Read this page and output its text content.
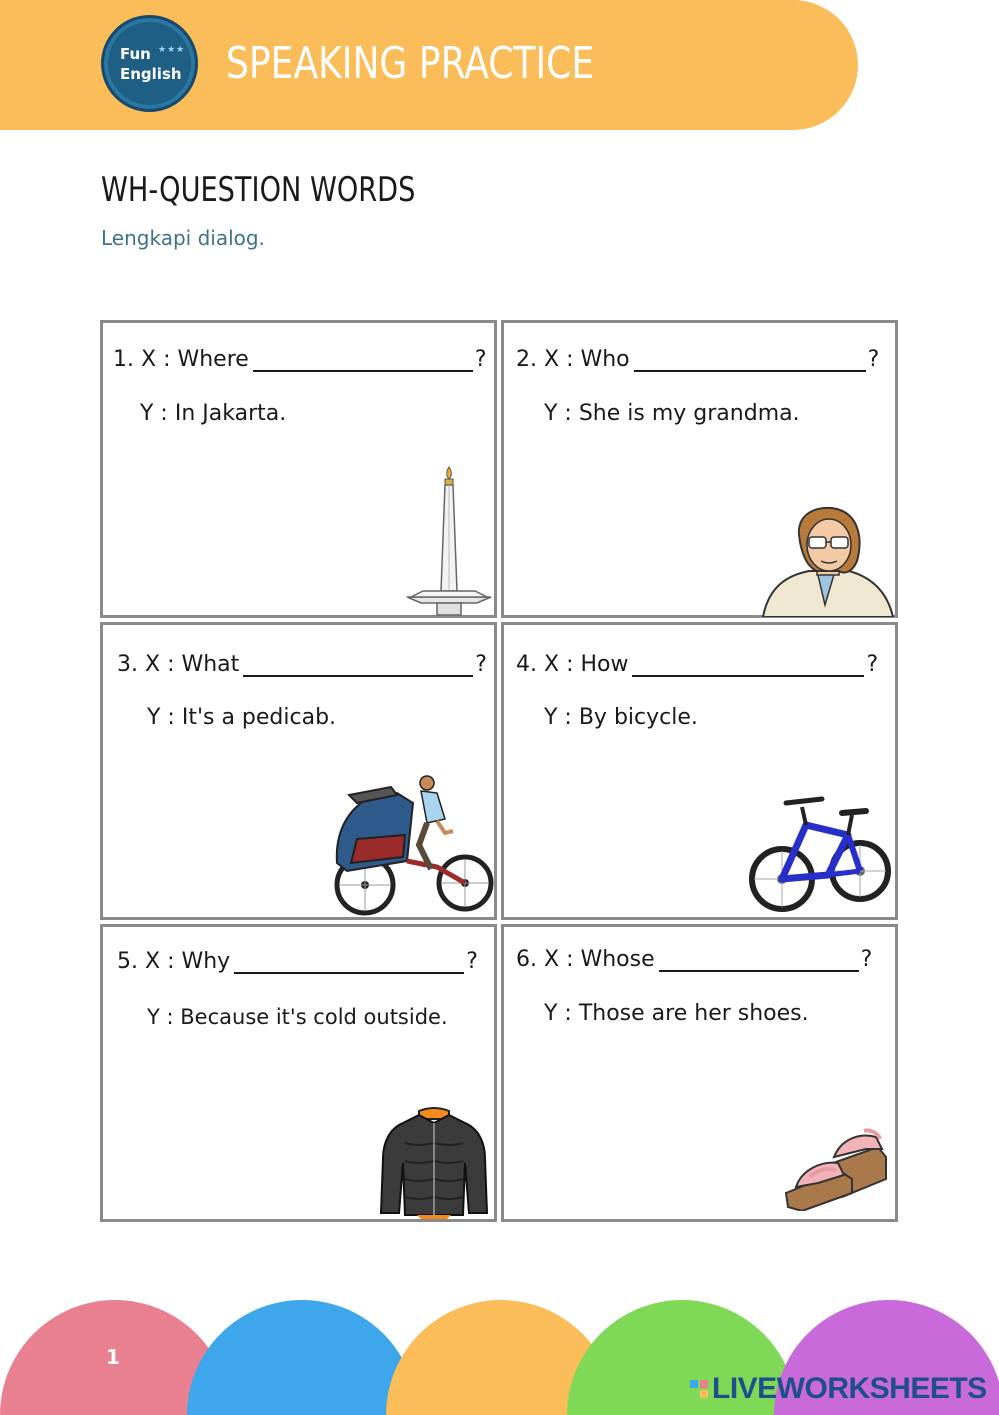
Fun ★★★
English SPEAKING PRACTICE
WH-QUESTION WORDS
Lengkapi dialog.
1.
X :
Where	?
Y : In Jakarta.
2.
X :
Who	?
Y : She is my grandma.
3.
X :
What	?
Y : It's a pedicab.
4.
X :
How	?
Y : By bicycle.
5.
X :
Why	?
Y : Because it's cold outside.
6.
X :
Whose	?
Y : Those are her shoes.
1
LIVEWORKSHEETS
